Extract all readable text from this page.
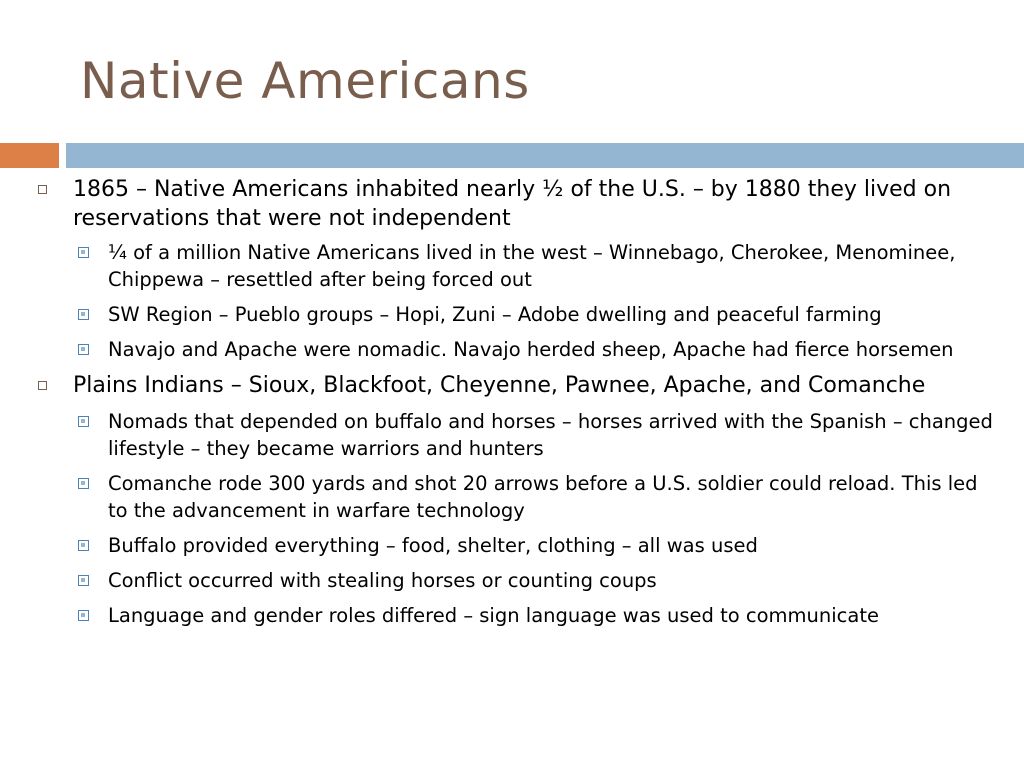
Native Americans
1865 – Native Americans inhabited nearly ½ of the U.S. – by 1880 they lived on reservations that were not independent
¼ of a million Native Americans lived in the west – Winnebago, Cherokee, Menominee, Chippewa – resettled after being forced out
SW Region – Pueblo groups – Hopi, Zuni – Adobe dwelling and peaceful farming
Navajo and Apache were nomadic. Navajo herded sheep, Apache had fierce horsemen
Plains Indians – Sioux, Blackfoot, Cheyenne, Pawnee, Apache, and Comanche
Nomads that depended on buffalo and horses – horses arrived with the Spanish – changed lifestyle – they became warriors and hunters
Comanche rode 300 yards and shot 20 arrows before a U.S. soldier could reload. This led to the advancement in warfare technology
Buffalo provided everything – food, shelter, clothing – all was used
Conflict occurred with stealing horses or counting coups
Language and gender roles differed – sign language was used to communicate
